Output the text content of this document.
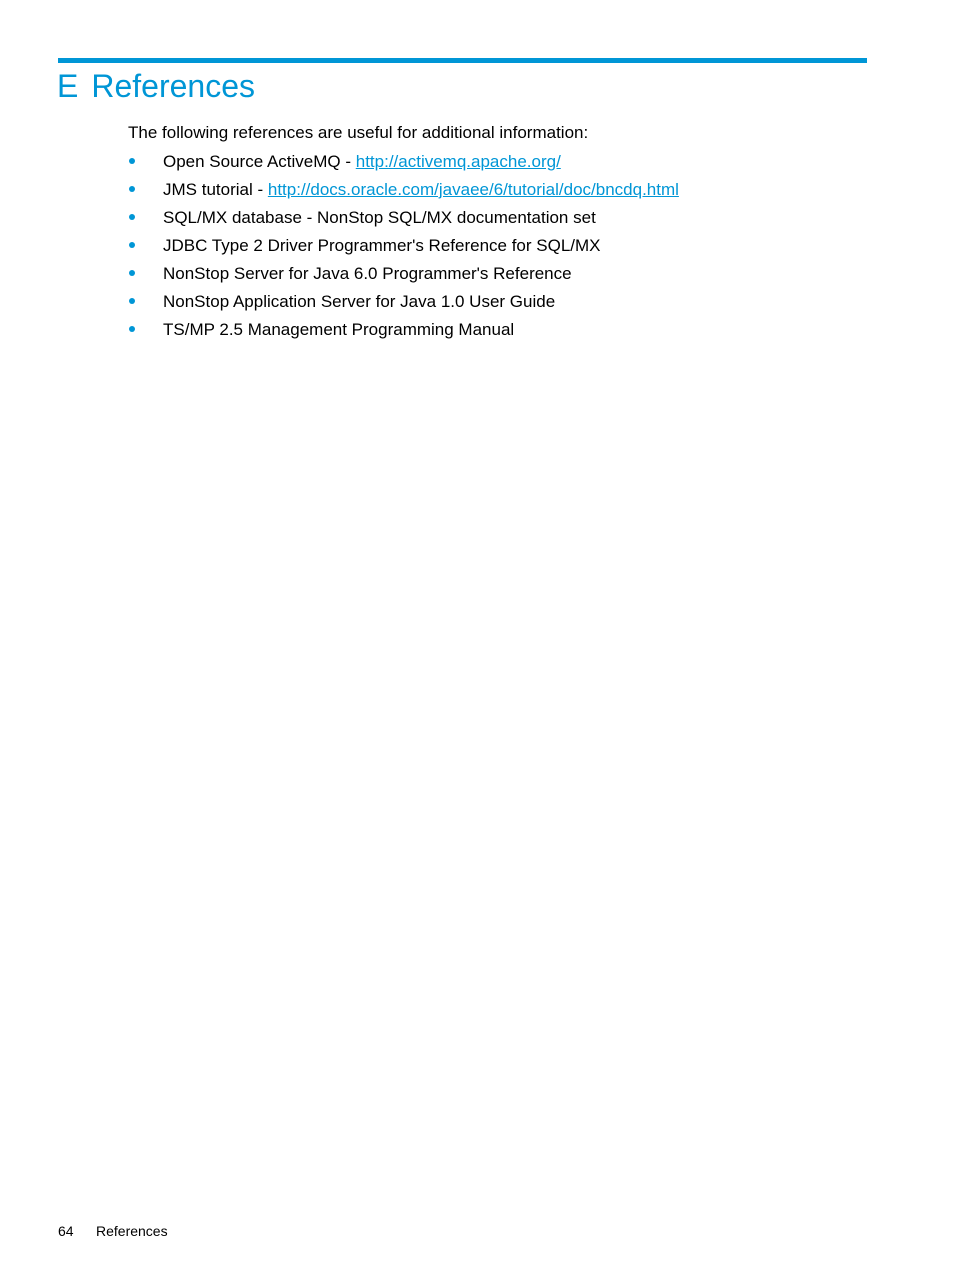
E References

The following references are useful for additional information:

Open Source ActiveMQ - http://activemq.apache.org/
JMS tutorial - http://docs.oracle.com/javaee/6/tutorial/doc/bncdq.html
SQL/MX database - NonStop SQL/MX documentation set
JDBC Type 2 Driver Programmer's Reference for SQL/MX
NonStop Server for Java 6.0 Programmer's Reference
NonStop Application Server for Java 1.0 User Guide
TS/MP 2.5 Management Programming Manual
64 References
